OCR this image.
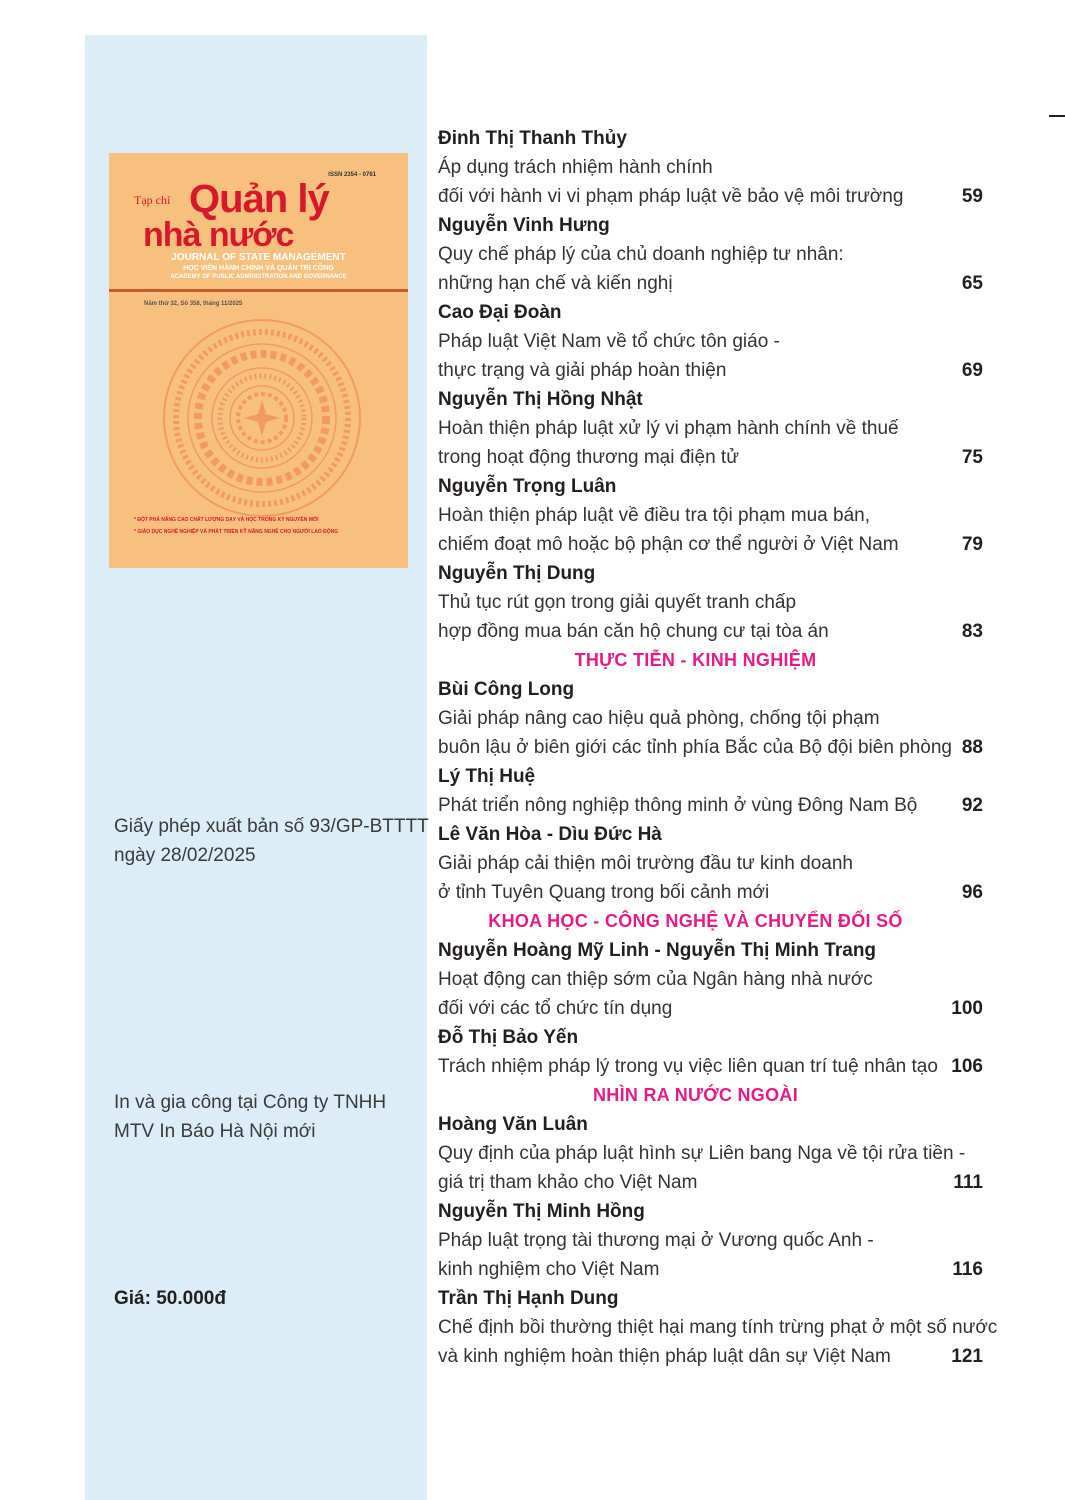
ISSN 2354 - 0761
Tạp chí Quản lý
nhà nước
JOURNAL OF STATE MANAGEMENT
HỌC VIỆN HÀNH CHÍNH VÀ QUẢN TRỊ CÔNG
ACADEMY OF PUBLIC ADMINISTRATION AND GOVERNANCE
Năm thứ 32, Số 358, tháng 11/2025
* ĐỘT PHÁ NÂNG CAO CHẤT LƯỢNG DẠY VÀ HỌC TRONG KỶ NGUYÊN MỚI
* GIÁO DỤC NGHỀ NGHIỆP VÀ PHÁT TRIỂN KỸ NĂNG NGHỀ CHO NGƯỜI LAO ĐỘNG
Giấy phép xuất bản số 93/GP-BTTTT
ngày 28/02/2025
In và gia công tại Công ty TNHH
MTV In Báo Hà Nội mới
Giá: 50.000đ
Đinh Thị Thanh Thủy
Áp dụng trách nhiệm hành chính
đối với hành vi vi phạm pháp luật về bảo vệ môi trường	59
Nguyễn Vinh Hưng
Quy chế pháp lý của chủ doanh nghiệp tư nhân:
những hạn chế và kiến nghị	65
Cao Đại Đoàn
Pháp luật Việt Nam về tổ chức tôn giáo -
thực trạng và giải pháp hoàn thiện	69
Nguyễn Thị Hồng Nhật
Hoàn thiện pháp luật xử lý vi phạm hành chính về thuế
trong hoạt động thương mại điện tử	75
Nguyễn Trọng Luân
Hoàn thiện pháp luật về điều tra tội phạm mua bán,
chiếm đoạt mô hoặc bộ phận cơ thể người ở Việt Nam	79
Nguyễn Thị Dung
Thủ tục rút gọn trong giải quyết tranh chấp
hợp đồng mua bán căn hộ chung cư tại tòa án	83
THỰC TIỄN - KINH NGHIỆM
Bùi Công Long
Giải pháp nâng cao hiệu quả phòng, chống tội phạm
buôn lậu ở biên giới các tỉnh phía Bắc của Bộ đội biên phòng 88
Lý Thị Huệ
Phát triển nông nghiệp thông minh ở vùng Đông Nam Bộ 92
Lê Văn Hòa - Dìu Đức Hà
Giải pháp cải thiện môi trường đầu tư kinh doanh
ở tỉnh Tuyên Quang trong bối cảnh mới	96
KHOA HỌC - CÔNG NGHỆ VÀ CHUYỂN ĐỔI SỐ
Nguyễn Hoàng Mỹ Linh - Nguyễn Thị Minh Trang
Hoạt động can thiệp sớm của Ngân hàng nhà nước
đối với các tổ chức tín dụng	100
Đỗ Thị Bảo Yến
Trách nhiệm pháp lý trong vụ việc liên quan trí tuệ nhân tạo 106
NHÌN RA NƯỚC NGOÀI
Hoàng Văn Luân
Quy định của pháp luật hình sự Liên bang Nga về tội rửa tiền -
giá trị tham khảo cho Việt Nam	111
Nguyễn Thị Minh Hồng
Pháp luật trọng tài thương mại ở Vương quốc Anh -
kinh nghiệm cho Việt Nam	116
Trần Thị Hạnh Dung
Chế định bồi thường thiệt hại mang tính trừng phạt ở một số nước
và kinh nghiệm hoàn thiện pháp luật dân sự Việt Nam	121
